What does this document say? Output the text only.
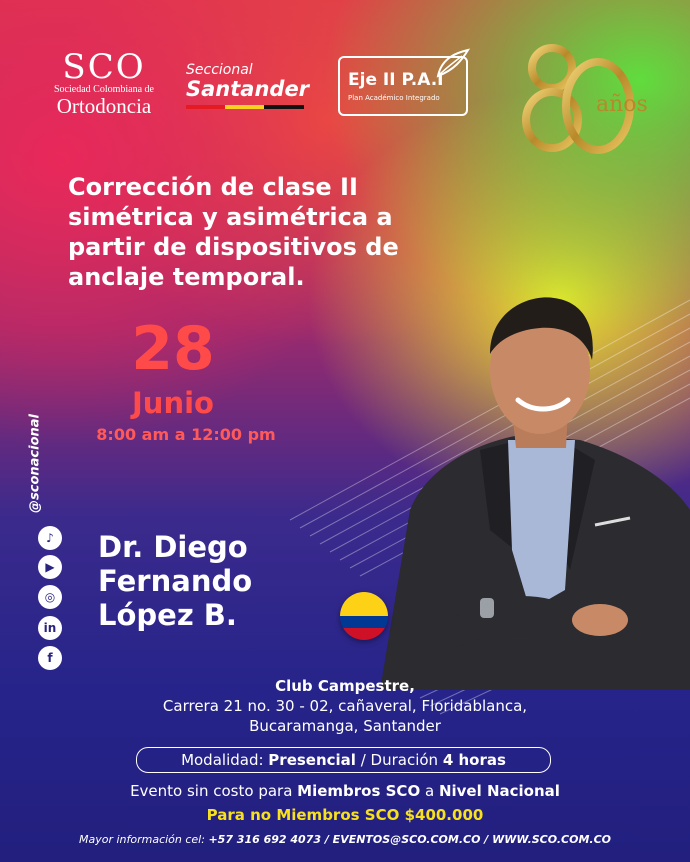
SCO
Sociedad Colombiana de
Ortodoncia
Seccional
Santander	Eje II P.A.I
Plan Académico Integrado	años
Corrección de clase II simétrica y asimétrica a partir de dispositivos de anclaje temporal.
28
Junio
8:00 am a 12:00 pm
@sconacional
♪
▶
◎
in
f
Dr. Diego
Fernando
López B.
Club Campestre,
Carrera 21 no. 30 - 02, cañaveral, Floridablanca,
Bucaramanga, Santander
Modalidad: Presencial / Duración 4 horas
Evento sin costo para Miembros SCO a Nivel Nacional
Para no Miembros SCO $400.000
Mayor información cel: +57 316 692 4073 / EVENTOS@SCO.COM.CO / WWW.SCO.COM.CO
